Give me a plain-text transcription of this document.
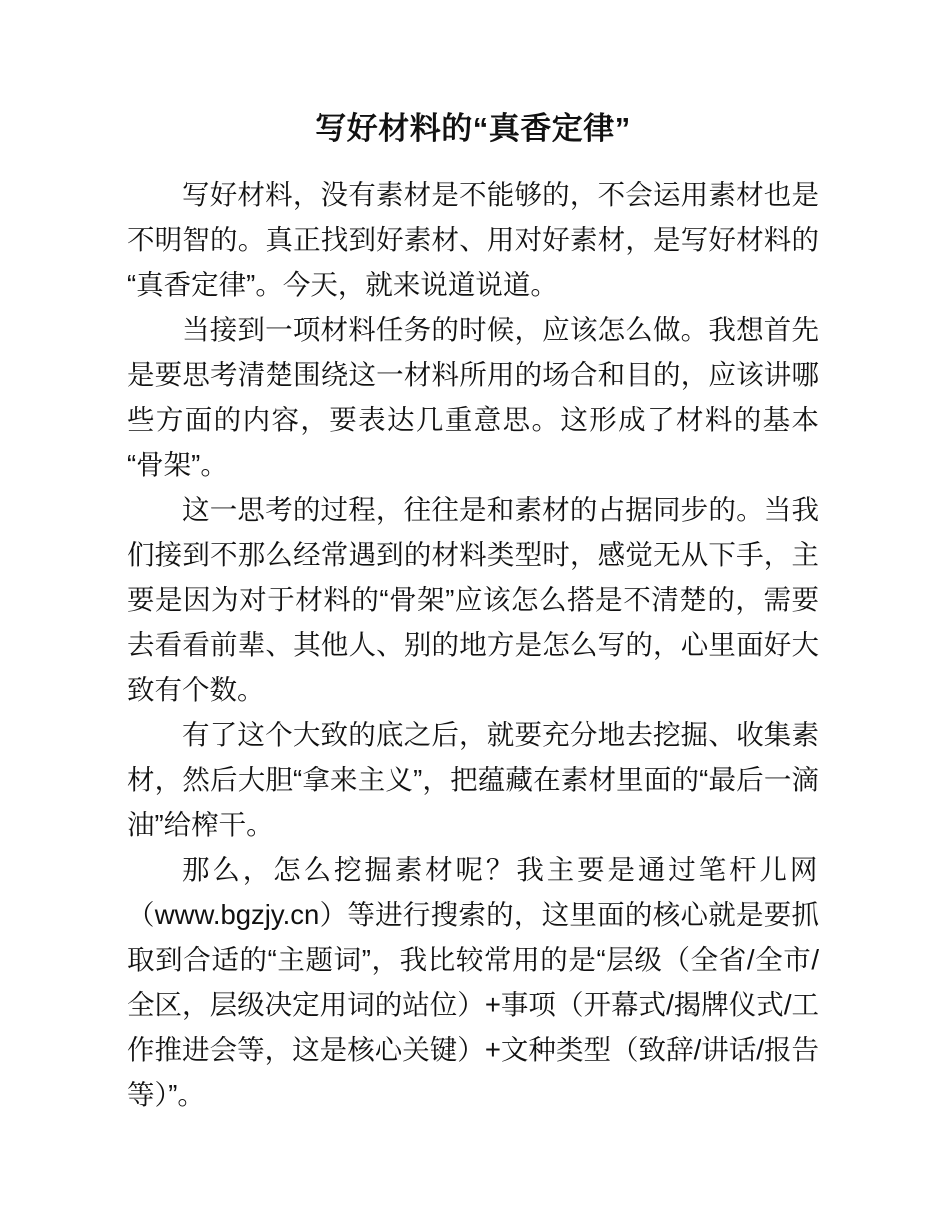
写好材料的“真香定律”

写好材料，没有素材是不能够的，不会运用素材也是不明智的。真正找到好素材、用对好素材，是写好材料的“真香定律”。今天，就来说道说道。

当接到一项材料任务的时候，应该怎么做。我想首先是要思考清楚围绕这一材料所用的场合和目的，应该讲哪些方面的内容，要表达几重意思。这形成了材料的基本“骨架”。

这一思考的过程，往往是和素材的占据同步的。当我们接到不那么经常遇到的材料类型时，感觉无从下手，主要是因为对于材料的“骨架”应该怎么搭是不清楚的，需要去看看前辈、其他人、别的地方是怎么写的，心里面好大致有个数。

有了这个大致的底之后，就要充分地去挖掘、收集素材，然后大胆“拿来主义”，把蕴藏在素材里面的“最后一滴油”给榨干。

那么，怎么挖掘素材呢？我主要是通过笔杆儿网（www.bgzjy.cn）等进行搜索的，这里面的核心就是要抓取到合适的“主题词”，我比较常用的是“层级（全省/全市/全区，层级决定用词的站位）+事项（开幕式/揭牌仪式/工作推进会等，这是核心关键）+文种类型（致辞/讲话/报告等）”。
